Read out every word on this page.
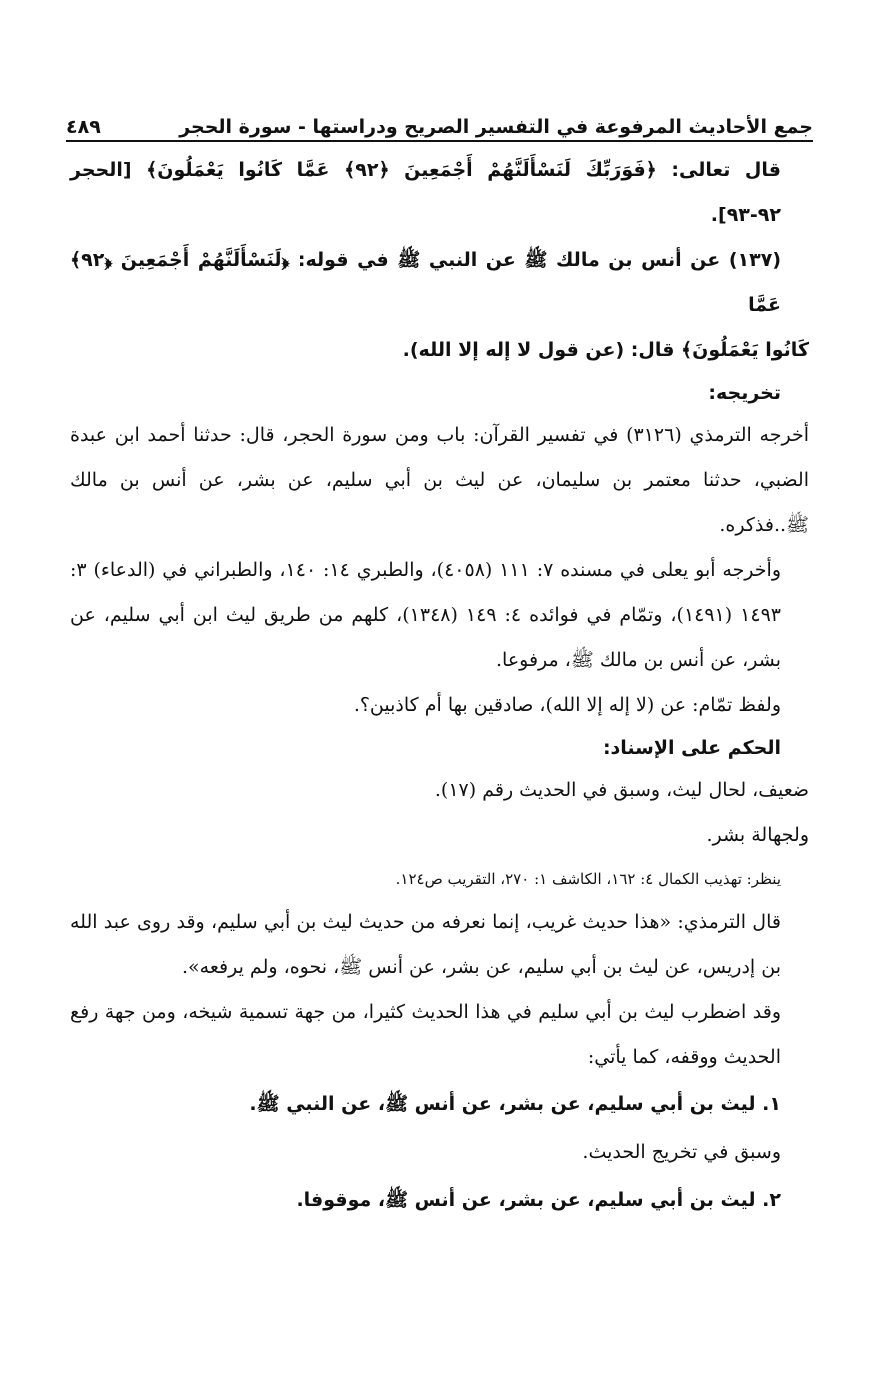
٤٨٩	جمع الأحاديث المرفوعة في التفسير الصريح ودراستها - سورة الحجر

قال تعالى: ﴿فَوَرَبِّكَ لَنَسْأَلَنَّهُمْ أَجْمَعِينَ ﴿٩٢﴾ عَمَّا كَانُوا يَعْمَلُونَ﴾ [الحجر ٩٢-٩٣].

(١٣٧) عن أنس بن مالك ﷺ عن النبي ﷺ في قوله: ﴿لَنَسْأَلَنَّهُمْ أَجْمَعِينَ ﴿٩٢﴾ عَمَّا

كَانُوا يَعْمَلُونَ﴾ قال: (عن قول لا إله إلا الله).

تخريجه:

أخرجه الترمذي (٣١٢٦) في تفسير القرآن: باب ومن سورة الحجر، قال: حدثنا أحمد ابن عبدة الضبي، حدثنا معتمر بن سليمان، عن ليث بن أبي سليم، عن بشر، عن أنس بن مالك ﷺ..فذكره.

وأخرجه أبو يعلى في مسنده ٧: ١١١ (٤٠٥٨)، والطبري ١٤: ١٤٠، والطبراني في (الدعاء) ٣: ١٤٩٣ (١٤٩١)، وتمّام في فوائده ٤: ١٤٩ (١٣٤٨)، كلهم من طريق ليث ابن أبي سليم، عن بشر، عن أنس بن مالك ﷺ، مرفوعا.

ولفظ تمّام: عن (لا إله إلا الله)، صادقين بها أم كاذبين؟.

الحكم على الإسناد:

ضعيف، لحال ليث، وسبق في الحديث رقم (١٧).

ولجهالة بشر.

ينظر: تهذيب الكمال ٤: ١٦٢، الكاشف ١: ٢٧٠، التقريب ص١٢٤.

قال الترمذي: «هذا حديث غريب، إنما نعرفه من حديث ليث بن أبي سليم، وقد روى عبد الله بن إدريس، عن ليث بن أبي سليم، عن بشر، عن أنس ﷺ، نحوه، ولم يرفعه».

وقد اضطرب ليث بن أبي سليم في هذا الحديث كثيرا، من جهة تسمية شيخه، ومن جهة رفع الحديث ووقفه، كما يأتي:

١. ليث بن أبي سليم، عن بشر، عن أنس ﷺ، عن النبي ﷺ.

وسبق في تخريج الحديث.

٢. ليث بن أبي سليم، عن بشر، عن أنس ﷺ، موقوفا.
